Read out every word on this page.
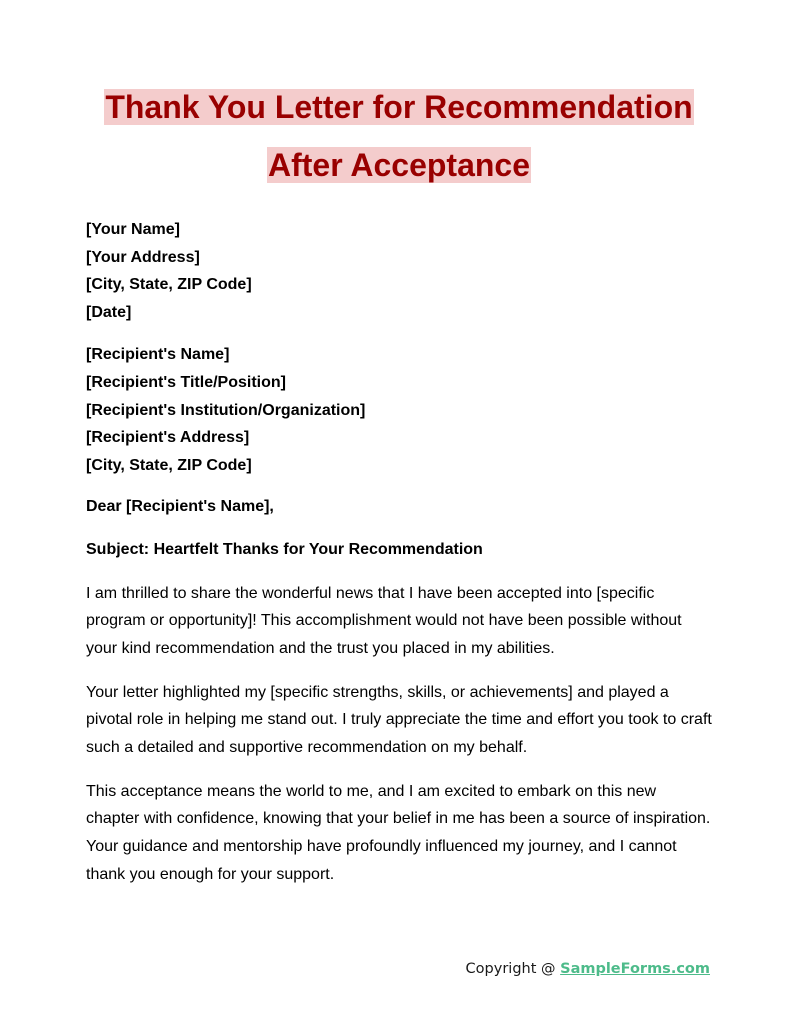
Thank You Letter for Recommendation
After Acceptance
[Your Name]
[Your Address]
[City, State, ZIP Code]
[Date]
[Recipient's Name]
[Recipient's Title/Position]
[Recipient's Institution/Organization]
[Recipient's Address]
[City, State, ZIP Code]
Dear [Recipient's Name],
Subject: Heartfelt Thanks for Your Recommendation
I am thrilled to share the wonderful news that I have been accepted into [specific program or opportunity]! This accomplishment would not have been possible without your kind recommendation and the trust you placed in my abilities.
Your letter highlighted my [specific strengths, skills, or achievements] and played a pivotal role in helping me stand out. I truly appreciate the time and effort you took to craft such a detailed and supportive recommendation on my behalf.
This acceptance means the world to me, and I am excited to embark on this new chapter with confidence, knowing that your belief in me has been a source of inspiration. Your guidance and mentorship have profoundly influenced my journey, and I cannot thank you enough for your support.
Copyright @ SampleForms.com
